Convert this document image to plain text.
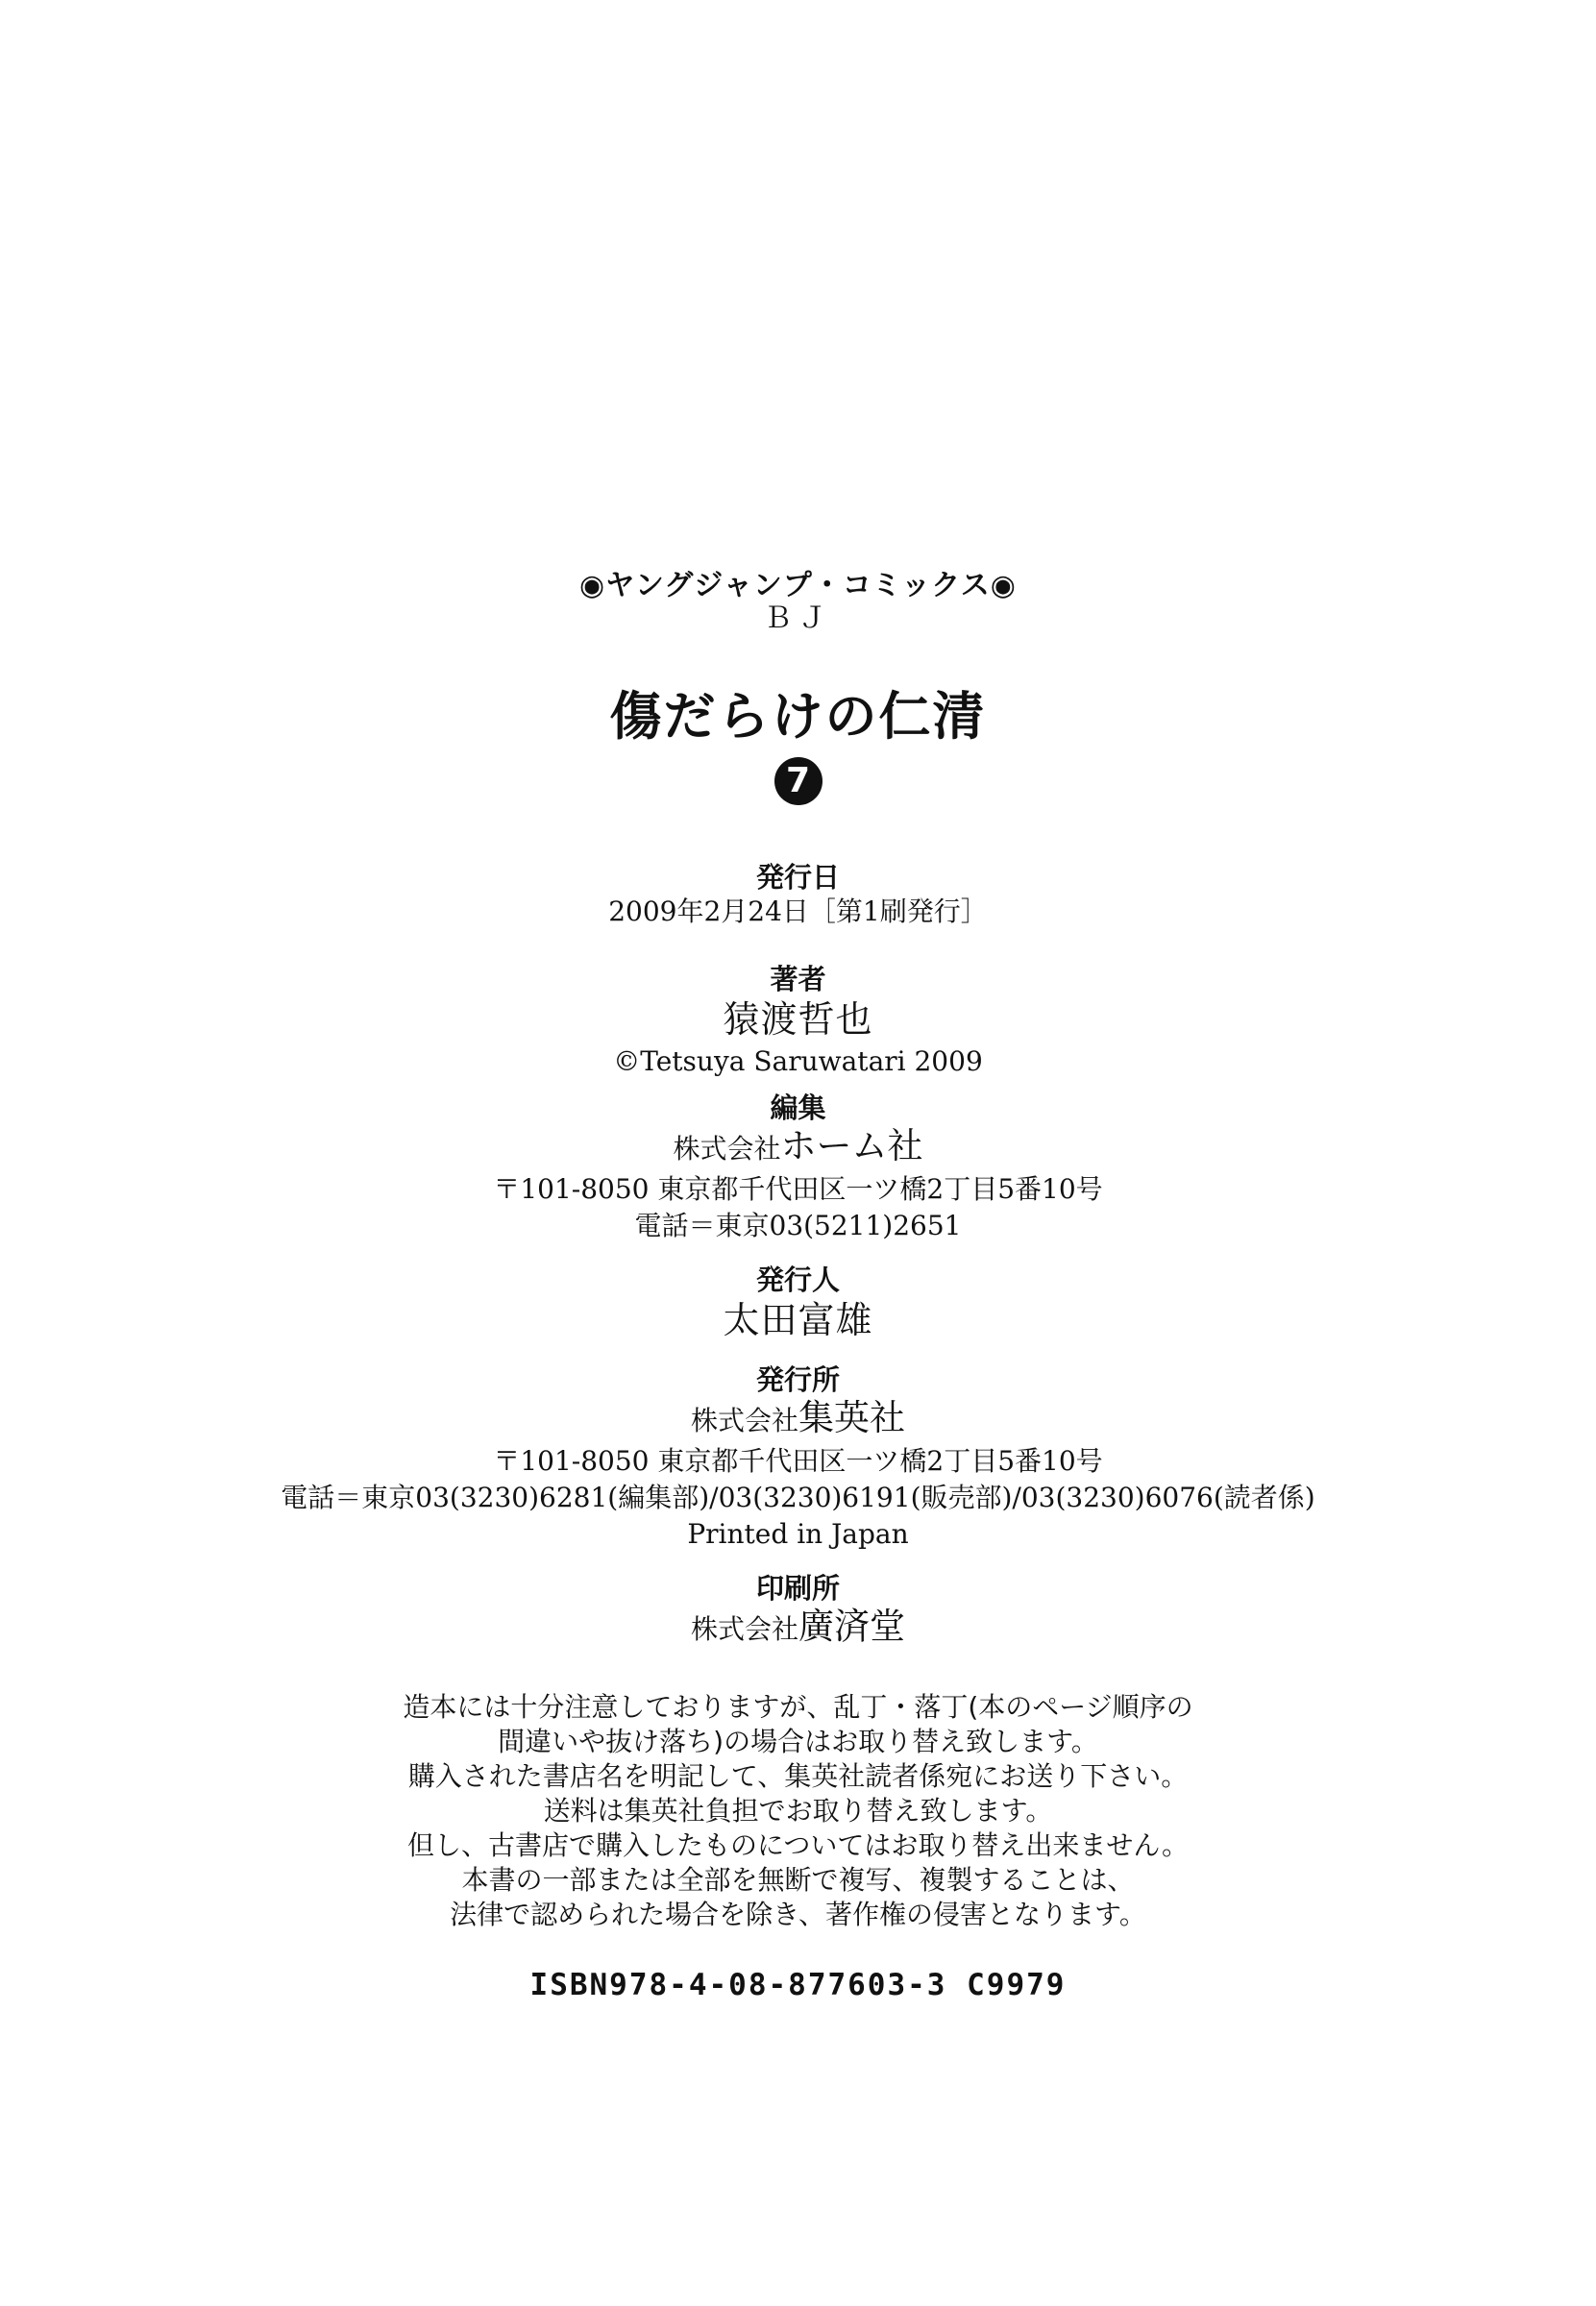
◉ヤングジャンプ・コミックス◉
ＢＪ
傷だらけの仁清
7
発行日
2009年2月24日［第1刷発行］
著者
猿渡哲也
©Tetsuya Saruwatari 2009
編集
株式会社ホーム社
〒101-8050 東京都千代田区一ツ橋2丁目5番10号
電話＝東京03(5211)2651
発行人
太田富雄
発行所
株式会社集英社
〒101-8050 東京都千代田区一ツ橋2丁目5番10号
電話＝東京03(3230)6281(編集部)/03(3230)6191(販売部)/03(3230)6076(読者係)
Printed in Japan
印刷所
株式会社廣済堂
造本には十分注意しておりますが、乱丁・落丁(本のページ順序の
間違いや抜け落ち)の場合はお取り替え致します。
購入された書店名を明記して、集英社読者係宛にお送り下さい。
送料は集英社負担でお取り替え致します。
但し、古書店で購入したものについてはお取り替え出来ません。
本書の一部または全部を無断で複写、複製することは、
法律で認められた場合を除き、著作権の侵害となります。
ISBN978-4-08-877603-3 C9979
